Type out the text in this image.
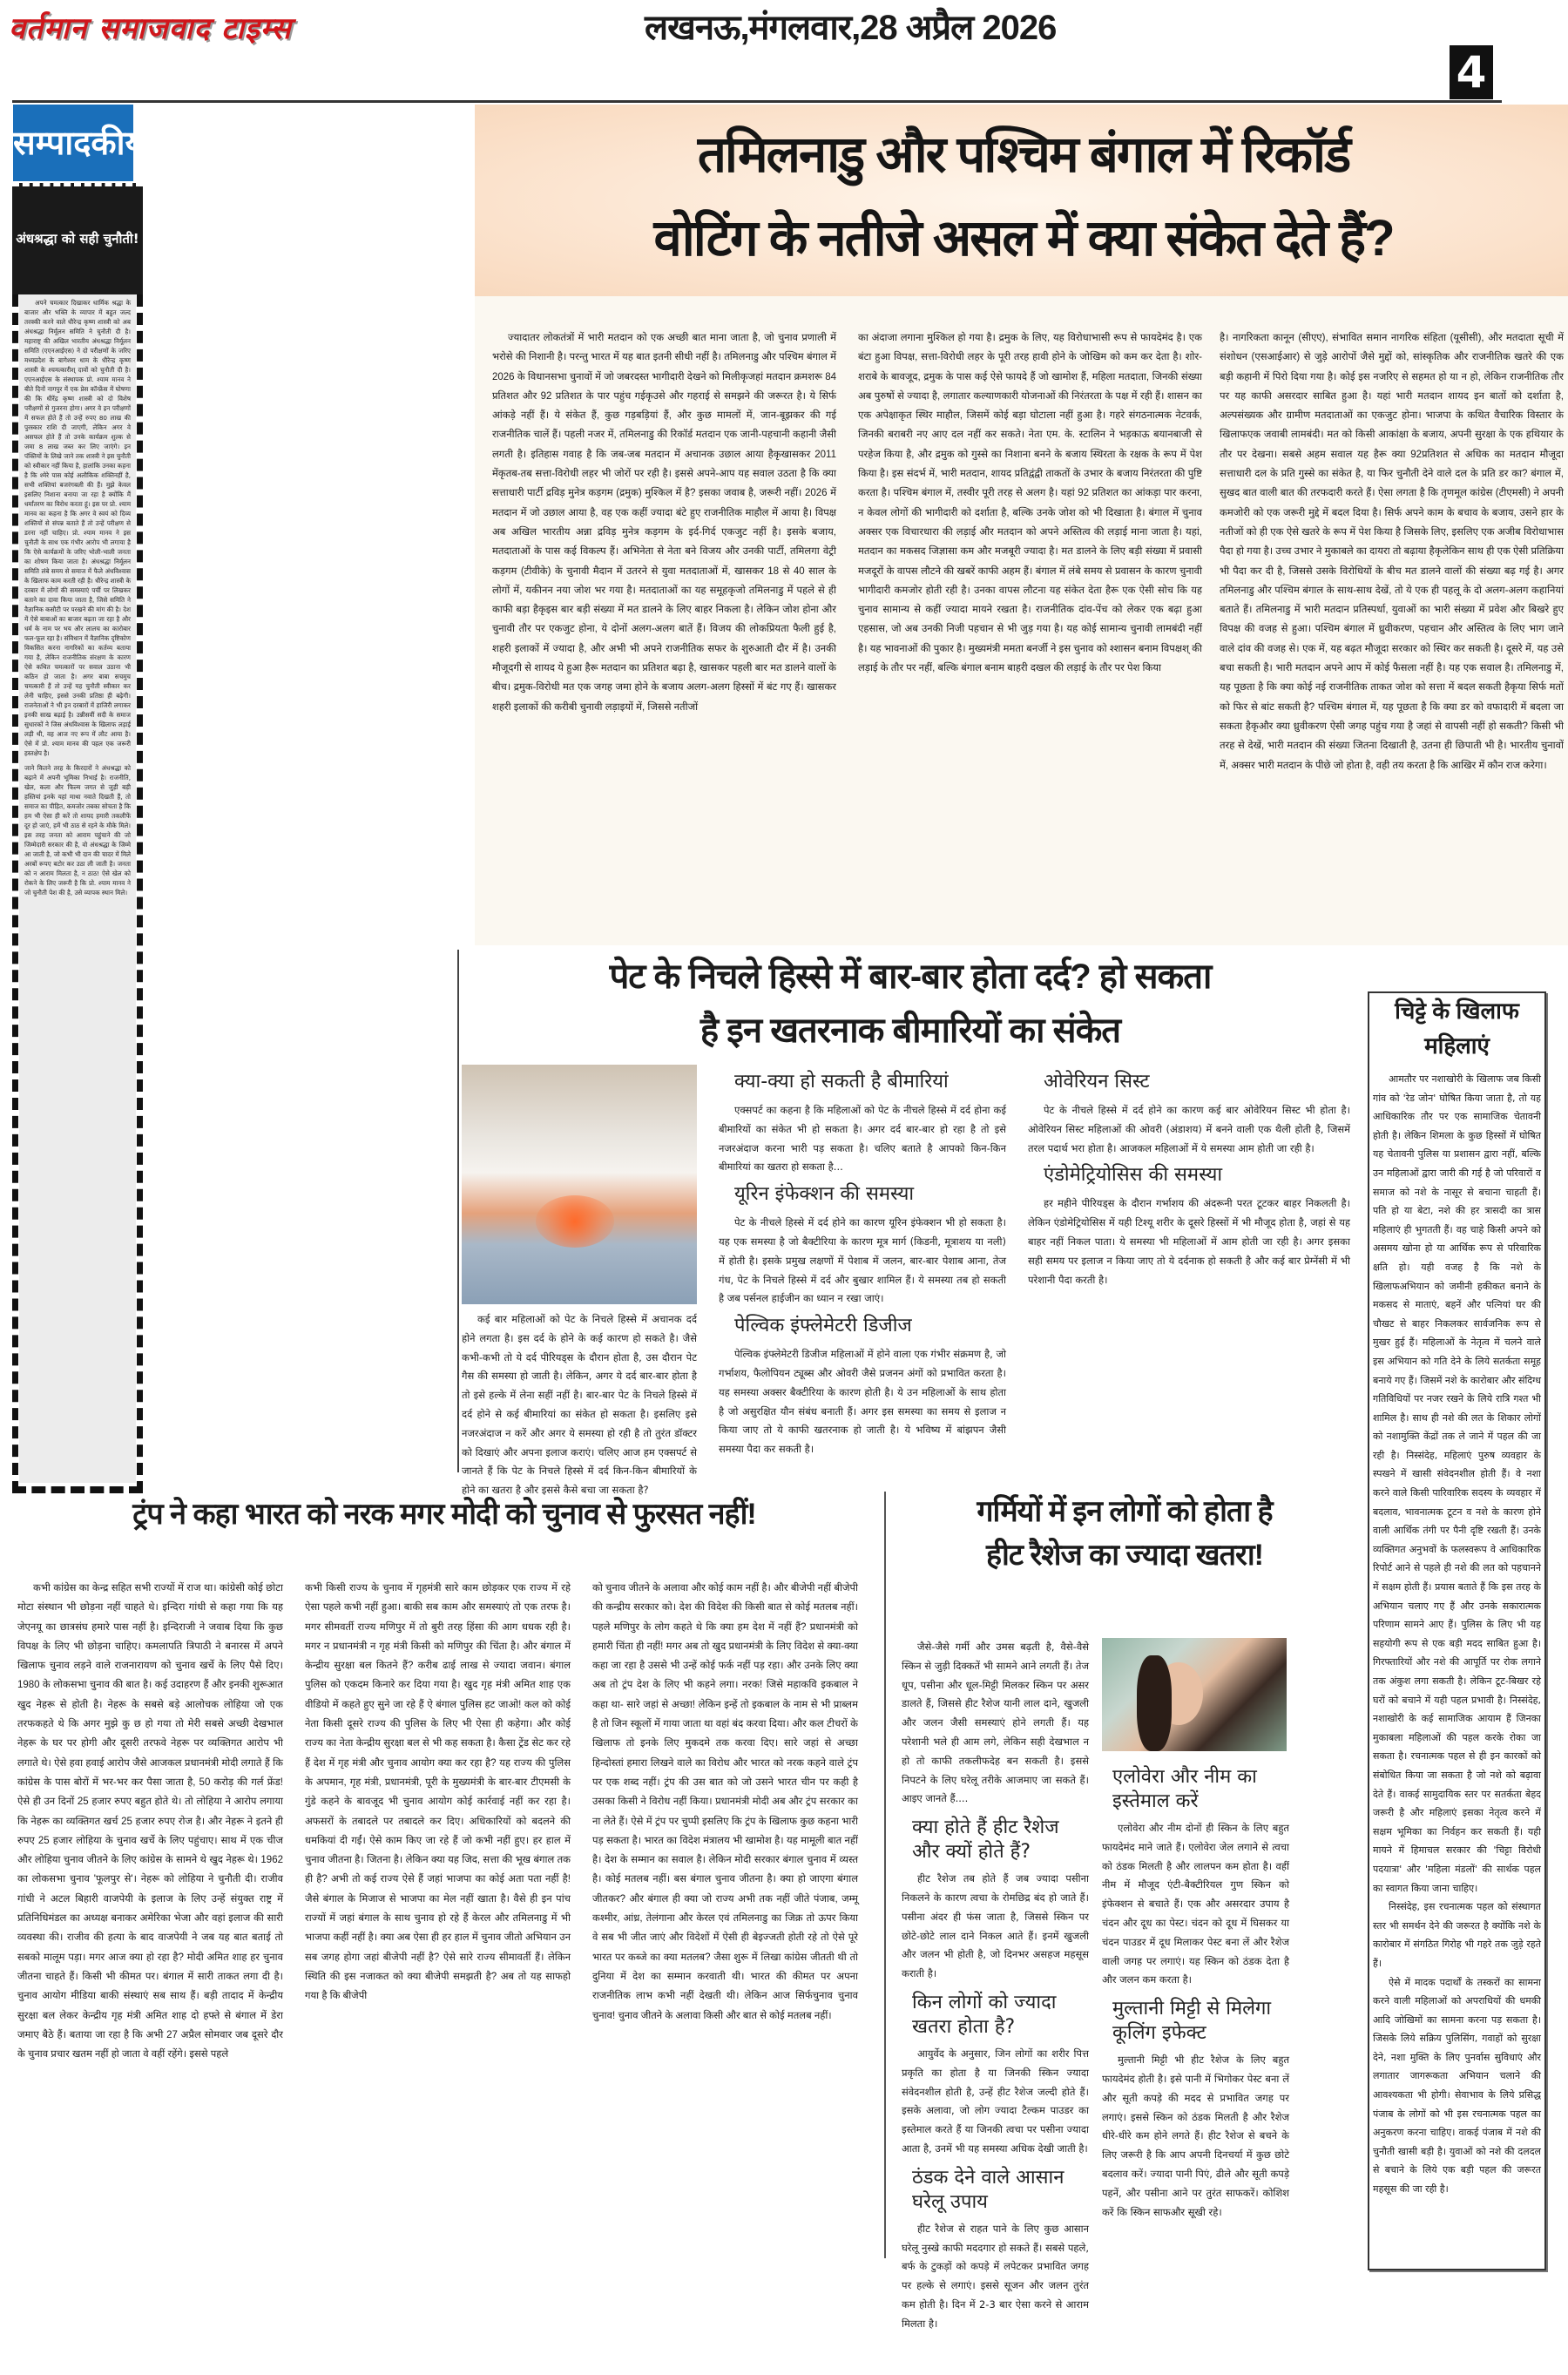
वर्तमान समाजवाद टाइम्स	लखनऊ,मंगलवार,28 अप्रैल 2026
4
सम्पादकीय
अंधश्रद्धा को सही चुनौती!

अपने चमत्कार दिखाकर धार्मिक श्रद्धा के बाजार और भक्ति के व्यापार में बहुत जल्द तरक्की करने वाले धीरेन्द्र कृष्ण शास्त्री को अब अंधश्रद्धा निर्मूलन समिति ने चुनौती दी है। महाराष्ट्र की अखिल भारतीय अंधश्रद्धा निर्मूलन समिति (एएनआईएस) ने दो परीक्षणों के जरिए मध्यप्रदेश के बागेश्वर धाम के धीरेन्द्र कृष्ण शास्त्री के श्चमत्कारीश् दावों को चुनौती दी है। एएनआईएस के संस्थापक प्रो. श्याम मानव ने बीते दिनों नागपुर में एक प्रेस कॉन्फ्रेंस में घोषणा की कि धीरेंद्र कृष्ण शास्त्री को दो विशेष परीक्षणों से गुजरना होगा। अगर वे इन परीक्षणों में सफल होते हैं तो उन्हें रुपए 80 लाख की पुरस्कार राशि दी जाएगी, लेकिन अगर वे असफल होते हैं तो उनके कार्यक्रम शुल्क से जमा 8 लाख जब्त कर लिए जाएंगे। इन पंक्तियों के लिखे जाने तक शास्त्री ने इस चुनौती को स्वीकार नहीं किया है, हालांकि उनका कहना है कि श्मेरे पास कोई अलौकिक शक्तिनहीं है, सभी शक्तियां बजरंगबली की हैं। मुझे केवल इसलिए निशाना बनाया जा रहा है क्योंकि मैं धर्मांतरण का विरोध करता हूं। इस पर प्रो. श्याम मानव का कहना है कि अगर वे स्वयं को दिव्य शक्तियों से संपन्न बताते हैं तो उन्हें परीक्षण से डरना नहीं चाहिए। प्रो. श्याम मानव ने इस चुनौती के साथ एक गंभीर आरोप भी लगाया है कि ऐसे कार्यक्रमों के जरिए भोली-भाली जनता का शोषण किया जाता है। अंधश्रद्धा निर्मूलन समिति लंबे समय से समाज में फैले अंधविश्वास के खिलाफ काम करती रही है। धीरेन्द्र शास्त्री के दरबार में लोगों की समस्याएं पर्ची पर लिखकर बताने का दावा किया जाता है, जिसे समिति ने वैज्ञानिक कसौटी पर परखने की मांग की है। देश में ऐसे बाबाओं का बाजार बढ़ता जा रहा है और धर्म के नाम पर भय और लालच का कारोबार फल-फूल रहा है। संविधान में वैज्ञानिक दृष्टिकोण विकसित करना नागरिकों का कर्तव्य बताया गया है, लेकिन राजनीतिक संरक्षण के कारण ऐसे कथित चमत्कारों पर सवाल उठाना भी कठिन हो जाता है। अगर बाबा सचमुच चमत्कारी हैं तो उन्हें यह चुनौती स्वीकार कर लेनी चाहिए, इससे उनकी प्रतिष्ठा ही बढ़ेगी। राजनेताओं ने भी इन दरबारों में हाजिरी लगाकर इनकी साख बढ़ाई है। उन्नीसवीं सदी के समाज सुधारकों ने जिस अंधविश्वास के खिलाफ लड़ाई लड़ी थी, वह आज नए रूप में लौट आया है। ऐसे में प्रो. श्याम मानव की पहल एक जरूरी हस्तक्षेप है।

जाने कितने तरह के किरदारों ने अंधश्रद्धा को बढ़ाने में अपनी भूमिका निभाई है। राजनीति, खेल, कला और फिल्म जगत से जुड़ी बड़ी हस्तियां इनके यहां माथा नवाते दिखती हैं, तो समाज का पीड़ित, कमजोर तबका सोचता है कि हम भी ऐसा ही करें तो शायद हमारी तकलीफें दूर हो जाएं, हमें भी ठाठ से रहने के मौके मिले। इस तरह जनता को आराम पहुंचाने की जो जिम्मेदारी सरकार की है, वो अंधश्रद्धा के जिम्मे आ जाती है, जो कभी भी दान की चादर में मिले अरबों रूपए बटोर कर उठा ली जाती है। जनता को न आराम मिलता है, न ठाठ! ऐसे खेल को रोकने के लिए जरूरी है कि प्रो. श्याम मानव ने जो चुनौती पेश की है, उसे व्यापक स्थान मिले।

तमिलनाडु और पश्चिम बंगाल में रिकॉर्ड
वोटिंग के नतीजे असल में क्या संकेत देते हैं?
ज्यादातर लोकतंत्रों में भारी मतदान को एक अच्छी बात माना जाता है, जो चुनाव प्रणाली में भरोसे की निशानी है। परन्तु भारत में यह बात इतनी सीधी नहीं है। तमिलनाडु और पश्चिम बंगाल में 2026 के विधानसभा चुनावों में जो जबरदस्त भागीदारी देखने को मिलीकृजहां मतदान क्रमशरू 84 प्रतिशत और 92 प्रतिशत के पार पहुंच गईकृउसे और गहराई से समझने की जरूरत है। ये सिर्फ आंकड़े नहीं हैं। ये संकेत हैं, कुछ गड़बड़ियां हैं, और कुछ मामलों में, जान-बूझकर की गई राजनीतिक चालें हैं। पहली नजर में, तमिलनाडु की रिकॉर्ड मतदान एक जानी-पहचानी कहानी जैसी लगती है। इतिहास गवाह है कि जब-जब मतदान में अचानक उछाल आया हैकृखासकर 2011 मेंकृतब-तब सत्ता-विरोधी लहर भी जोरों पर रही है। इससे अपने-आप यह सवाल उठता है कि क्या सत्ताधारी पार्टी द्रविड़ मुनेत्र कड़गम (द्रमुक) मुश्किल में है? इसका जवाब है, जरूरी नहीं। 2026 में मतदान में जो उछाल आया है, वह एक कहीं ज्यादा बंटे हुए राजनीतिक माहौल में आया है। विपक्ष अब अखिल भारतीय अन्ना द्रविड़ मुनेत्र कड़गम के इर्द-गिर्द एकजुट नहीं है। इसके बजाय, मतदाताओं के पास कई विकल्प हैं। अभिनेता से नेता बने विजय और उनकी पार्टी, तमिलगा वेट्री कड़गम (टीवीके) के चुनावी मैदान में उतरने से युवा मतदाताओं में, खासकर 18 से 40 साल के लोगों में, यकीनन नया जोश भर गया है। मतदाताओं का यह समूहकृजो तमिलनाडु में पहले से ही काफी बड़ा हैकृइस बार बड़ी संख्या में मत डालने के लिए बाहर निकला है। लेकिन जोश होना और चुनावी तौर पर एकजुट होना, ये दोनों अलग-अलग बातें हैं। विजय की लोकप्रियता फैली हुई है, शहरी इलाकों में ज्यादा है, और अभी भी अपने राजनीतिक सफर के शुरुआती दौर में है। उनकी मौजूदगी से शायद ये हुआ हैरू मतदान का प्रतिशत बढ़ा है, खासकर पहली बार मत डालने वालों के बीच। द्रमुक-विरोधी मत एक जगह जमा होने के बजाय अलग-अलग हिस्सों में बंट गए हैं। खासकर शहरी इलाकों की करीबी चुनावी लड़ाइयों में, जिससे नतीजों
का अंदाजा लगाना मुश्किल हो गया है। द्रमुक के लिए, यह विरोधाभासी रूप से फायदेमंद है। एक बंटा हुआ विपक्ष, सत्ता-विरोधी लहर के पूरी तरह हावी होने के जोखिम को कम कर देता है। शोर-शराबे के बावजूद, द्रमुक के पास कई ऐसे फायदे हैं जो खामोश हैं, महिला मतदाता, जिनकी संख्या अब पुरुषों से ज्यादा है, लगातार कल्याणकारी योजनाओं की निरंतरता के पक्ष में रही हैं। शासन का एक अपेक्षाकृत स्थिर माहौल, जिसमें कोई बड़ा घोटाला नहीं हुआ है। गहरे संगठनात्मक नेटवर्क, जिनकी बराबरी नए आए दल नहीं कर सकते। नेता एम. के. स्टालिन ने भड़काऊ बयानबाजी से परहेज किया है, और द्रमुक को गुस्से का निशाना बनने के बजाय स्थिरता के रक्षक के रूप में पेश किया है। इस संदर्भ में, भारी मतदान, शायद प्रतिद्वंद्वी ताकतों के उभार के बजाय निरंतरता की पुष्टि करता है। पश्चिम बंगाल में, तस्वीर पूरी तरह से अलग है। यहां 92 प्रतिशत का आंकड़ा पार करना, न केवल लोगों की भागीदारी को दर्शाता है, बल्कि उनके जोश को भी दिखाता है। बंगाल में चुनाव अक्सर एक विचारधारा की लड़ाई और मतदान को अपने अस्तित्व की लड़ाई माना जाता है। यहां, मतदान का मकसद जिज्ञासा कम और मजबूरी ज्यादा है। मत डालने के लिए बड़ी संख्या में प्रवासी मजदूरों के वापस लौटने की खबरें काफी अहम हैं। बंगाल में लंबे समय से प्रवासन के कारण चुनावी भागीदारी कमजोर होती रही है। उनका वापस लौटना यह संकेत देता हैरू एक ऐसी सोच कि यह चुनाव सामान्य से कहीं ज्यादा मायने रखता है। राजनीतिक दांव-पेंच को लेकर एक बढ़ा हुआ एहसास, जो अब उनकी निजी पहचान से भी जुड़ गया है। यह कोई सामान्य चुनावी लामबंदी नहीं है। यह भावनाओं की पुकार है। मुख्यमंत्री ममता बनर्जी ने इस चुनाव को श्शासन बनाम विपक्षश् की लड़ाई के तौर पर नहीं, बल्कि बंगाल बनाम बाहरी दखल की लड़ाई के तौर पर पेश किया
है। नागरिकता कानून (सीएए), संभावित समान नागरिक संहिता (यूसीसी), और मतदाता सूची में संशोधन (एसआईआर) से जुड़े आरोपों जैसे मुद्दों को, सांस्कृतिक और राजनीतिक खतरे की एक बड़ी कहानी में पिरो दिया गया है। कोई इस नजरिए से सहमत हो या न हो, लेकिन राजनीतिक तौर पर यह काफी असरदार साबित हुआ है। यहां भारी मतदान शायद इन बातों को दर्शाता है, अल्पसंख्यक और ग्रामीण मतदाताओं का एकजुट होना। भाजपा के कथित वैचारिक विस्तार के खिलाफएक जवाबी लामबंदी। मत को किसी आकांक्षा के बजाय, अपनी सुरक्षा के एक हथियार के तौर पर देखना। सबसे अहम सवाल यह हैरू क्या 92प्रतिशत से अधिक का मतदान मौजूदा सत्ताधारी दल के प्रति गुस्से का संकेत है, या फिर चुनौती देने वाले दल के प्रति डर का? बंगाल में, सुखद बात वाली बात की तरफदारी करते हैं। ऐसा लगता है कि तृणमूल कांग्रेस (टीएमसी) ने अपनी कमजोरी को एक जरूरी मुद्दे में बदल दिया है। सिर्फ अपने काम के बचाव के बजाय, उसने हार के नतीजों को ही एक ऐसे खतरे के रूप में पेश किया है जिसके लिए, इसलिए एक अजीब विरोधाभास पैदा हो गया है। उच्च उभार ने मुकाबले का दायरा तो बढ़ाया हैकृलेकिन साथ ही एक ऐसी प्रतिक्रिया भी पैदा कर दी है, जिससे उसके विरोधियों के बीच मत डालने वालों की संख्या बढ़ गई है। अगर तमिलनाडु और पश्चिम बंगाल के साथ-साथ देखें, तो ये एक ही पहलू के दो अलग-अलग कहानियां बताते हैं। तमिलनाडु में भारी मतदान प्रतिस्पर्धा, युवाओं का भारी संख्या में प्रवेश और बिखरे हुए विपक्ष की वजह से हुआ। पश्चिम बंगाल में ध्रुवीकरण, पहचान और अस्तित्व के लिए भाग जाने वाले दांव की वजह से। एक में, यह बढ़त मौजूदा सरकार को स्थिर कर सकती है। दूसरे में, यह उसे बचा सकती है। भारी मतदान अपने आप में कोई फैसला नहीं है। यह एक सवाल है। तमिलनाडु में, यह पूछता है कि क्या कोई नई राजनीतिक ताकत जोश को सत्ता में बदल सकती हैकृया सिर्फ मतों को फिर से बांट सकती है? पश्चिम बंगाल में, यह पूछता है कि क्या डर को वफादारी में बदला जा सकता हैकृऔर क्या ध्रुवीकरण ऐसी जगह पहुंच गया है जहां से वापसी नहीं हो सकती? किसी भी तरह से देखें, भारी मतदान की संख्या जितना दिखाती है, उतना ही छिपाती भी है। भारतीय चुनावों में, अक्सर भारी मतदान के पीछे जो होता है, वही तय करता है कि आखिर में कौन राज करेगा।
पेट के निचले हिस्से में बार-बार होता दर्द? हो सकता
है इन खतरनाक बीमारियों का संकेत

कई बार महिलाओं को पेट के निचले हिस्से में अचानक दर्द होने लगता है। इस दर्द के होने के कई कारण हो सकते है। जैसे कभी-कभी तो ये दर्द पीरियड्स के दौरान होता है, उस दौरान पेट गैस की समस्या हो जाती है। लेकिन, अगर ये दर्द बार-बार होता है तो इसे हल्के में लेना सहीं नहीं है। बार-बार पेट के निचले हिस्से में दर्द होने से कई बीमारियां का संकेत हो सकता है। इसलिए इसे नजरअंदाज न करें और अगर ये समस्या हो रही है तो तुरंत डॉक्टर को दिखाएं और अपना इलाज कराएं। चलिए आज हम एक्सपर्ट से जानते हैं कि पेट के निचले हिस्से में दर्द किन-किन बीमारियों के होने का खतरा है और इससे कैसे बचा जा सकता है?

क्या-क्या हो सकती है बीमारियां

एक्सपर्ट का कहना है कि महिलाओं को पेट के नीचले हिस्से में दर्द होना कई बीमारियों का संकेत भी हो सकता है। अगर दर्द बार-बार हो रहा है तो इसे नजरअंदाज करना भारी पड़ सकता है। चलिए बताते है आपको किन-किन बीमारियां का खतरा हो सकता है...

यूरिन इंफेक्शन की समस्या

पेट के नीचले हिस्से में दर्द होने का कारण यूरिन इंफेक्शन भी हो सकता है। यह एक समस्या है जो बैक्टीरिया के कारण मूत्र मार्ग (किडनी, मूत्राशय या नली) में होती है। इसके प्रमुख लक्षणों में पेशाब में जलन, बार-बार पेशाब आना, तेज गंध, पेट के निचले हिस्से में दर्द और बुखार शामिल हैं। ये समस्या तब हो सकती है जब पर्सनल हाईजीन का ध्यान न रखा जाएं।

पेल्विक इंफ्लेमेटरी डिजीज

पेल्विक इंफ्लेमेटरी डिजीज महिलाओं में होने वाला एक गंभीर संक्रमण है, जो गर्भाशय, फैलोपियन ट्यूब्स और ओवरी जैसे प्रजनन अंगों को प्रभावित करता है। यह समस्या अक्सर बैक्टीरिया के कारण होती है। ये उन महिलाओं के साथ होता है जो असुरक्षित यौन संबंध बनाती हैं। अगर इस समस्या का समय से इलाज न किया जाए तो ये काफी खतरनाक हो जाती है। ये भविष्य में बांझपन जैसी समस्या पैदा कर सकती है।

ओवेरियन सिस्ट

पेट के नीचले हिस्से में दर्द होने का कारण कई बार ओवेरियन सिस्ट भी होता है। ओवेरियन सिस्ट महिलाओं की ओवरी (अंडाशय) में बनने वाली एक थैली होती है, जिसमें तरल पदार्थ भरा होता है। आजकल महिलाओं में ये समस्या आम होती जा रही है।

एंडोमेट्रियोसिस की समस्या

हर महीने पीरियड्स के दौरान गर्भाशय की अंदरूनी परत टूटकर बाहर निकलती है। लेकिन एंडोमेट्रियोसिस में यही टिश्यू शरीर के दूसरे हिस्सों में भी मौजूद होता है, जहां से यह बाहर नहीं निकल पाता। ये समस्या भी महिलाओं में आम होती जा रही है। अगर इसका सही समय पर इलाज न किया जाए तो ये दर्दनाक हो सकती है और कई बार प्रेग्नेंसी में भी परेशानी पैदा करती है।

चिट्टे के खिलाफ महिलाएं

आमतौर पर नशाखोरी के खिलाफ जब किसी गांव को 'रेड जोन' घोषित किया जाता है, तो यह आधिकारिक तौर पर एक सामाजिक चेतावनी होती है। लेकिन शिमला के कुछ हिस्सों में घोषित यह चेतावनी पुलिस या प्रशासन द्वारा नहीं, बल्कि उन महिलाओं द्वारा जारी की गई है जो परिवारों व समाज को नशे के नासूर से बचाना चाहती हैं। पति हो या बेटा, नशे की हर त्रासदी का त्रास महिलाएं ही भुगतती हैं। वह चाहे किसी अपने को असमय खोना हो या आर्थिक रूप से परिवारिक क्षति हो। यही वजह है कि नशे के खिलाफअभियान को जमीनी हकीकत बनाने के मकसद से माताएं, बहनें और पत्नियां घर की चौखट से बाहर निकलकर सार्वजनिक रूप से मुखर हुई हैं। महिलाओं के नेतृत्व में चलने वाले इस अभियान को गति देने के लिये सतर्कता समूह बनाये गए हैं। जिसमें नशे के कारोबार और संदिग्ध गतिविधियों पर नजर रखने के लिये रात्रि गश्त भी शामिल है। साथ ही नशे की लत के शिकार लोगों को नशामुक्ति केंद्रों तक ले जाने में पहल की जा रही है। निस्संदेह, महिलाएं पुरुष व्यवहार के स्पखने में खासी संवेदनशील होती हैं। वे नशा करने वाले किसी पारिवारिक सदस्य के व्यवहार में बदलाव, भावनात्मक टूटन व नशे के कारण होने वाली आर्थिक तंगी पर पैनी दृष्टि रखती हैं। उनके व्यक्तिगत अनुभवों के फलस्वरूप वे आधिकारिक रिपोर्ट आने से पहले ही नशे की लत को पहचानने में सक्षम होती हैं। प्रयास बताते हैं कि इस तरह के अभियान चलाए गए हैं और उनके सकारात्मक परिणाम सामने आए हैं। पुलिस के लिए भी यह सहयोगी रूप से एक बड़ी मदद साबित हुआ है। गिरफ्तारियों और नशे की आपूर्ति पर रोक लगाने तक अंकुश लगा सकती है। लेकिन टूट-बिखर रहे घरों को बचाने में यही पहल प्रभावी है। निस्संदेह, नशाखोरी के कई सामाजिक आयाम हैं जिनका मुकाबला महिलाओं की पहल करके रोका जा सकता है। रचनात्मक पहल से ही इन कारकों को संबोधित किया जा सकता है जो नशे को बढ़ावा देते हैं। वाकई सामुदायिक स्तर पर सतर्कता बेहद जरूरी है और महिलाएं इसका नेतृत्व करने में सक्षम भूमिका का निर्वहन कर सकती हैं। यही मायने में हिमाचल सरकार की 'चिट्टा विरोधी पदयात्रा' और 'महिला मंडलों' की सार्थक पहल का स्वागत किया जाना चाहिए।

निस्संदेह, इस रचनात्मक पहल को संस्थागत स्तर भी समर्थन देने की जरूरत है क्योंकि नशे के कारोबार में संगठित गिरोह भी गहरे तक जुड़े रहते हैं।

ऐसे में मादक पदार्थों के तस्करों का सामना करने वाली महिलाओं को अपराधियों की धमकी आदि जोखिमों का सामना करना पड़ सकता है। जिसके लिये सक्रिय पुलिसिंग, गवाहों को सुरक्षा देने, नशा मुक्ति के लिए पुनर्वास सुविधाएं और लगातार जागरूकता अभियान चलाने की आवश्यकता भी होगी। सेवाभाव के लिये प्रसिद्ध पंजाब के लोगों को भी इस रचनात्मक पहल का अनुकरण करना चाहिए। वाकई पंजाब में नशे की चुनौती खासी बड़ी है। युवाओं को नशे की दलदल से बचाने के लिये एक बड़ी पहल की जरूरत महसूस की जा रही है।

ट्रंप ने कहा भारत को नरक मगर मोदी को चुनाव से फुरसत नहीं!
कभी कांग्रेस का केन्द्र सहित सभी राज्यों में राज था। कांग्रेसी कोई छोटा मोटा संस्थान भी छोड़ना नहीं चाहते थे। इन्दिरा गांधी से कहा गया कि यह जेएनयू का छात्रसंघ हमारे पास नहीं है। इन्दिराजी ने जवाब दिया कि कुछ विपक्ष के लिए भी छोड़ना चाहिए। कमलापति त्रिपाठी ने बनारस में अपने खिलाफ चुनाव लड़ने वाले राजनारायण को चुनाव खर्चे के लिए पैसे दिए। 1980 के लोकसभा चुनाव की बात है। कई उदाहरण हैं और इनकी शुरूआत खुद नेहरू से होती है। नेहरू के सबसे बड़े आलोचक लोहिया जो एक तरफकहते थे कि अगर मुझे कु छ हो गया तो मेरी सबसे अच्छी देखभाल नेहरू के घर पर होगी और दूसरी तरफवे नेहरू पर व्यक्तिगत आरोप भी लगाते थे। ऐसे हवा हवाई आरोप जैसे आजकल प्रधानमंत्री मोदी लगाते हैं कि कांग्रेस के पास बोरों में भर-भर कर पैसा जाता है, 50 करोड़ की गर्ल फ्रेंड! ऐसे ही उन दिनों 25 हजार रुपए बहुत होते थे। तो लोहिया ने आरोप लगाया कि नेहरू का व्यक्तिगत खर्च 25 हजार रुपए रोज है। और नेहरू ने इतने ही रुपए 25 हजार लोहिया के चुनाव खर्चे के लिए पहुंचाए। साथ में एक चीज और लोहिया चुनाव जीतने के लिए कांग्रेस के सामने थे खुद नेहरू थे। 1962 का लोकसभा चुनाव 'फूलपुर से'। नेहरू को लोहिया ने चुनौती दी। राजीव गांधी ने अटल बिहारी वाजपेयी के इलाज के लिए उन्हें संयुक्त राष्ट्र में प्रतिनिधिमंडल का अध्यक्ष बनाकर अमेरिका भेजा और वहां इलाज की सारी व्यवस्था की। राजीव की हत्या के बाद वाजपेयी ने जब यह बात बताई तो सबको मालूम पड़ा। मगर आज क्या हो रहा है? मोदी अमित शाह हर चुनाव जीतना चाहते हैं। किसी भी कीमत पर। बंगाल में सारी ताकत लगा दी है। चुनाव आयोग मीडिया बाकी संस्थाएं सब साथ हैं। बड़ी तादाद में केन्द्रीय सुरक्षा बल लेकर केन्द्रीय गृह मंत्री अमित शाह दो हफ्ते से बंगाल में डेरा जमाए बैठे हैं। बताया जा रहा है कि अभी 27 अप्रैल सोमवार जब दूसरे दौर के चुनाव प्रचार खतम नहीं हो जाता वे वहीं रहेंगे। इससे पहले
कभी किसी राज्य के चुनाव में गृहमंत्री सारे काम छोड़कर एक राज्य में रहे ऐसा पहले कभी नहीं हुआ। बाकी सब काम और समस्याएं तो एक तरफ है। मगर सीमवर्ती राज्य मणिपुर में तो बुरी तरह हिंसा की आग धधक रही है। मगर न प्रधानमंत्री न गृह मंत्री किसी को मणिपुर की चिंता है। और बंगाल में केन्द्रीय सुरक्षा बल कितने हैं? करीब ढाई लाख से ज्यादा जवान। बंगाल पुलिस को एकदम किनारे कर दिया गया है। खुद गृह मंत्री अमित शाह एक वीडियो में कहते हुए सुने जा रहे हैं ऐ बंगाल पुलिस हट जाओ! कल को कोई नेता किसी दूसरे राज्य की पुलिस के लिए भी ऐसा ही कहेगा। और कोई राज्य का नेता केन्द्रीय सुरक्षा बल से भी कह सकता है। कैसा ट्रेंड सेट कर रहे हैं देश में गृह मंत्री और चुनाव आयोग क्या कर रहा है? यह राज्य की पुलिस के अपमान, गृह मंत्री, प्रधानमंत्री, पूरी के मुख्यमंत्री के बार-बार टीएमसी के गुंडे कहने के बावजूद भी चुनाव आयोग कोई कार्रवाई नहीं कर रहा है। अफसरों के तबादले पर तबादले कर दिए। अधिकारियों को बदलने की धमकियां दी गईं। ऐसे काम किए जा रहे हैं जो कभी नहीं हुए। हर हाल में चुनाव जीतना है। जितना है। लेकिन क्या यह जिद, सत्ता की भूख बंगाल तक ही है? अभी तो कई राज्य ऐसे हैं जहां भाजपा का कोई अता पता नहीं है! जैसे बंगाल के मिजाज से भाजपा का मेल नहीं खाता है। वैसे ही इन पांच राज्यों में जहां बंगाल के साथ चुनाव हो रहे हैं केरल और तमिलनाडु में भी भाजपा कहीं नहीं है। क्या अब ऐसा ही हर हाल में चुनाव जीतो अभियान उन सब जगह होगा जहां बीजेपी नहीं है? ऐसे सारे राज्य सीमावर्ती हैं। लेकिन स्थिति की इस नजाकत को क्या बीजेपी समझती है? अब तो यह साफहो गया है कि बीजेपी
को चुनाव जीतने के अलावा और कोई काम नहीं है। और बीजेपी नहीं बीजेपी की कन्द्रीय सरकार को। देश की विदेश की किसी बात से कोई मतलब नहीं। पहले मणिपुर के लोग कहते थे कि क्या हम देश में नहीं हैं? प्रधानमंत्री को हमारी चिंता ही नहीं! मगर अब तो खुद प्रधानमंत्री के लिए विदेश से क्या-क्या कहा जा रहा है उससे भी उन्हें कोई फर्क नहीं पड़ रहा। और उनके लिए क्या अब तो ट्रंप देश के लिए भी कहने लगा। नरक! जिसे महाकवि इकबाल ने कहा था- सारे जहां से अच्छा! लेकिन इन्हें तो इकबाल के नाम से भी प्राब्लम है तो जिन स्कूलों में गाया जाता था वहां बंद करवा दिया। और कल टीचरों के खिलाफ तो इनके लिए मुकदमे तक करवा दिए। सारे जहां से अच्छा हिन्दोस्तां हमारा लिखने वाले का विरोध और भारत को नरक कहने वाले ट्रंप पर एक शब्द नहीं। ट्रंप की उस बात को जो उसने भारत चीन पर कही है उसका किसी ने विरोध नहीं किया। प्रधानमंत्री मोदी अब और ट्रंप सरकार का ना लेते हैं। ऐसे में ट्रंप पर चुप्पी इसलिए कि ट्रंप के खिलाफ कुछ कहना भारी पड़ सकता है। भारत का विदेश मंत्रालय भी खामोश है। यह मामूली बात नहीं है। देश के सम्मान का सवाल है। लेकिन मोदी सरकार बंगाल चुनाव में व्यस्त है। कोई मतलब नहीं। बस बंगाल चुनाव जीतना है। क्या हो जाएगा बंगाल जीतकर? और बंगाल ही क्या जो राज्य अभी तक नहीं जीते पंजाब, जम्मू कश्मीर, आंध्र, तेलंगाना और केरल एवं तमिलनाडु का जिक्र तो ऊपर किया वे सब भी जीत जाएं और विदेशों में ऐसी ही बेइज्जती होती रहे तो ऐसे पूरे भारत पर कब्जे का क्या मतलब? जैसा शुरू में लिखा कांग्रेस जीतती थी तो दुनिया में देश का सम्मान करवाती थी। भारत की कीमत पर अपना राजनीतिक लाभ कभी नहीं देखती थी। लेकिन आज सिर्फचुनाव चुनाव चुनाव! चुनाव जीतने के अलावा किसी और बात से कोई मतलब नहीं।
गर्मियों में इन लोगों को होता है
हीट रैशेज का ज्यादा खतरा!

जैसे-जैसे गर्मी और उमस बढ़ती है, वैसे-वैसे स्किन से जुड़ी दिक्कतें भी सामने आने लगती हैं। तेज धूप, पसीना और धूल-मिट्टी मिलकर स्किन पर असर डालते हैं, जिससे हीट रैशेज यानी लाल दाने, खुजली और जलन जैसी समस्याएं होने लगती हैं। यह परेशानी भले ही आम लगे, लेकिन सही देखभाल न हो तो काफी तकलीफदेह बन सकती है। इससे निपटने के लिए घरेलू तरीके आजमाए जा सकते हैं। आइए जानते हैं....

क्या होते हैं हीट रैशेज और क्यों होते हैं?

हीट रैशेज तब होते हैं जब ज्यादा पसीना निकलने के कारण त्वचा के रोमछिद्र बंद हो जाते हैं। पसीना अंदर ही फंस जाता है, जिससे स्किन पर छोटे-छोटे लाल दाने निकल आते हैं। इनमें खुजली और जलन भी होती है, जो दिनभर असहज महसूस कराती है।

किन लोगों को ज्यादा खतरा होता है?

आयुर्वेद के अनुसार, जिन लोगों का शरीर पित्त प्रकृति का होता है या जिनकी स्किन ज्यादा संवेदनशील होती है, उन्हें हीट रैशेज जल्दी होते हैं। इसके अलावा, जो लोग ज्यादा टैल्कम पाउडर का इस्तेमाल करते हैं या जिनकी त्वचा पर पसीना ज्यादा आता है, उनमें भी यह समस्या अधिक देखी जाती है।

ठंडक देने वाले आसान घरेलू उपाय

हीट रैशेज से राहत पाने के लिए कुछ आसान घरेलू नुस्खे काफी मददगार हो सकते हैं। सबसे पहले, बर्फ के टुकड़ों को कपड़े में लपेटकर प्रभावित जगह पर हल्के से लगाएं। इससे सूजन और जलन तुरंत कम होती है। दिन में 2-3 बार ऐसा करने से आराम मिलता है।

एलोवेरा और नीम का इस्तेमाल करें

एलोवेरा और नीम दोनों ही स्किन के लिए बहुत फायदेमंद माने जाते हैं। एलोवेरा जेल लगाने से त्वचा को ठंडक मिलती है और लालपन कम होता है। वहीं नीम में मौजूद एंटी-बैक्टीरियल गुण स्किन को इंफेक्शन से बचाते हैं। एक और असरदार उपाय है चंदन और दूध का पेस्ट। चंदन को दूध में घिसकर या चंदन पाउडर में दूध मिलाकर पेस्ट बना लें और रैशेज वाली जगह पर लगाएं। यह स्किन को ठंडक देता है और जलन कम करता है।

मुल्तानी मिट्टी से मिलेगा कूलिंग इफेक्ट

मुल्तानी मिट्टी भी हीट रैशेज के लिए बहुत फायदेमंद होती है। इसे पानी में भिगोकर पेस्ट बना लें और सूती कपड़े की मदद से प्रभावित जगह पर लगाएं। इससे स्किन को ठंडक मिलती है और रैशेज धीरे-धीरे कम होने लगते हैं। हीट रैशेज से बचने के लिए जरूरी है कि आप अपनी दिनचर्या में कुछ छोटे बदलाव करें। ज्यादा पानी पिएं, ढीले और सूती कपड़े पहनें, और पसीना आने पर तुरंत साफकरें। कोशिश करें कि स्किन साफऔर सूखी रहे।
